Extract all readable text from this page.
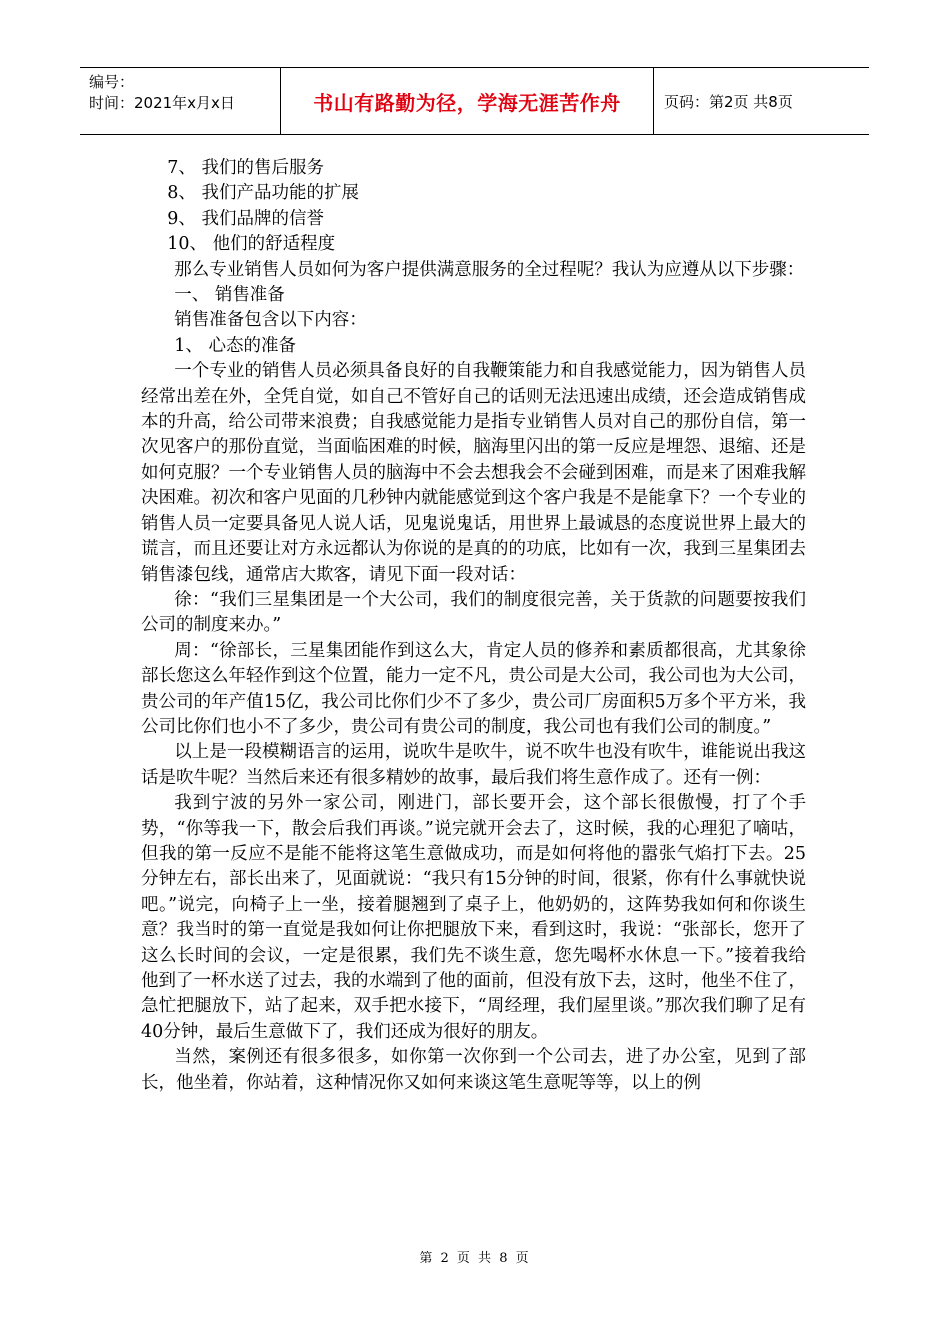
编号：
时间：2021年x月x日	书山有路勤为径，学海无涯苦作舟	页码：第2页 共8页

7、 我们的售后服务

8、 我们产品功能的扩展

9、 我们品牌的信誉

10、 他们的舒适程度

那么专业销售人员如何为客户提供满意服务的全过程呢？我认为应遵从以下步骤：

一、 销售准备

销售准备包含以下内容：

1、 心态的准备

一个专业的销售人员必须具备良好的自我鞭策能力和自我感觉能力，因为销售人员经常出差在外，全凭自觉，如自己不管好自己的话则无法迅速出成绩，还会造成销售成本的升高，给公司带来浪费；自我感觉能力是指专业销售人员对自己的那份自信，第一次见客户的那份直觉，当面临困难的时候，脑海里闪出的第一反应是埋怨、退缩、还是如何克服？一个专业销售人员的脑海中不会去想我会不会碰到困难，而是来了困难我解决困难。初次和客户见面的几秒钟内就能感觉到这个客户我是不是能拿下？一个专业的销售人员一定要具备见人说人话，见鬼说鬼话，用世界上最诚恳的态度说世界上最大的谎言，而且还要让对方永远都认为你说的是真的的功底，比如有一次，我到三星集团去销售漆包线，通常店大欺客，请见下面一段对话：

徐：“我们三星集团是一个大公司，我们的制度很完善，关于货款的问题要按我们公司的制度来办。”

周：“徐部长，三星集团能作到这么大，肯定人员的修养和素质都很高，尤其象徐部长您这么年轻作到这个位置，能力一定不凡，贵公司是大公司，我公司也为大公司，贵公司的年产值15亿，我公司比你们少不了多少，贵公司厂房面积5万多个平方米，我公司比你们也小不了多少，贵公司有贵公司的制度，我公司也有我们公司的制度。”

以上是一段模糊语言的运用，说吹牛是吹牛，说不吹牛也没有吹牛，谁能说出我这话是吹牛呢？当然后来还有很多精妙的故事，最后我们将生意作成了。还有一例：

我到宁波的另外一家公司，刚进门，部长要开会，这个部长很傲慢，打了个手势，“你等我一下，散会后我们再谈。”说完就开会去了，这时候，我的心理犯了嘀咕，但我的第一反应不是能不能将这笔生意做成功，而是如何将他的嚣张气焰打下去。25分钟左右，部长出来了，见面就说：“我只有15分钟的时间，很紧，你有什么事就快说吧。”说完，向椅子上一坐，接着腿翘到了桌子上，他奶奶的，这阵势我如何和你谈生意？我当时的第一直觉是我如何让你把腿放下来，看到这时，我说：“张部长，您开了这么长时间的会议，一定是很累，我们先不谈生意，您先喝杯水休息一下。”接着我给他到了一杯水送了过去，我的水端到了他的面前，但没有放下去，这时，他坐不住了，急忙把腿放下，站了起来，双手把水接下，“周经理，我们屋里谈。”那次我们聊了足有40分钟，最后生意做下了，我们还成为很好的朋友。

当然，案例还有很多很多，如你第一次你到一个公司去，进了办公室，见到了部长，他坐着，你站着，这种情况你又如何来谈这笔生意呢等等，以上的例

第 2 页 共 8 页
